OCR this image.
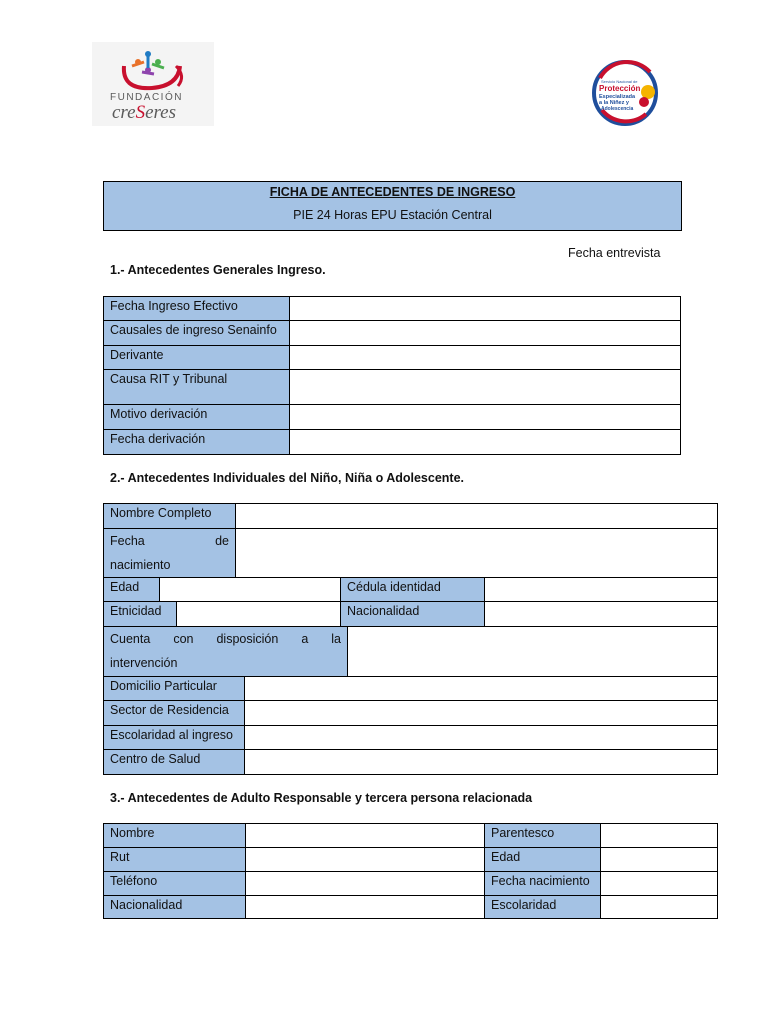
FUNDACIÓN
creSeres
Servicio Nacional de
Protección
Especializada
a la Niñez y
Adolescencia
FICHA DE ANTECEDENTES DE INGRESO
PIE 24 Horas EPU Estación Central
Fecha entrevista
1.- Antecedentes Generales Ingreso.
Fecha Ingreso Efectivo
Causales de ingreso Senainfo
Derivante
Causa RIT y Tribunal
Motivo derivación
Fecha derivación
2.- Antecedentes Individuales del Niño, Niña o Adolescente.
Nombre Completo
Fecha	de
nacimiento
Edad	Cédula identidad
Etnicidad	Nacionalidad
Cuenta con disposición a la
intervención
Domicilio Particular
Sector de Residencia
Escolaridad al ingreso
Centro de Salud
3.- Antecedentes de Adulto Responsable y tercera persona relacionada
Nombre	Parentesco
Rut	Edad
Teléfono	Fecha nacimiento
Nacionalidad	Escolaridad
